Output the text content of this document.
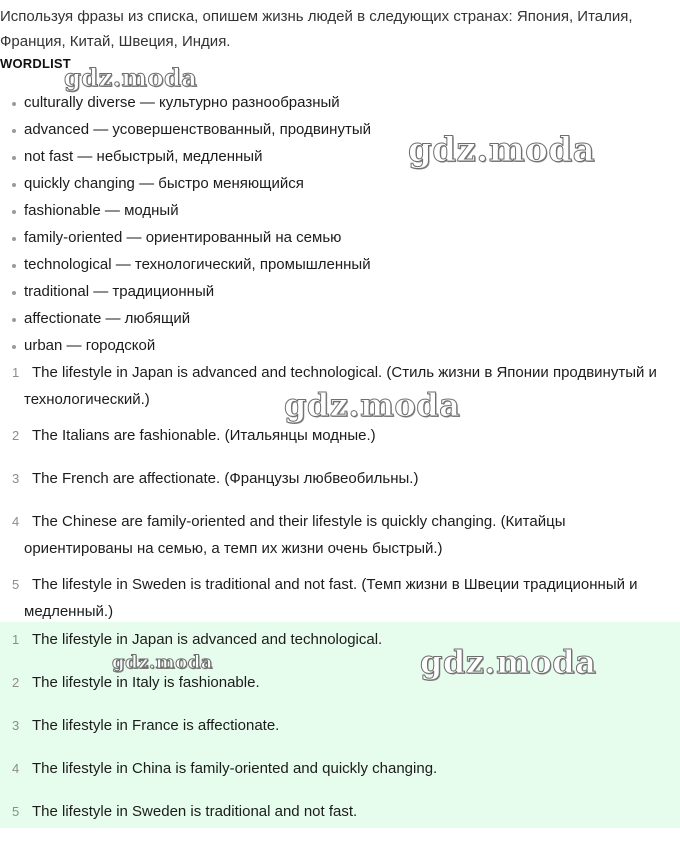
Используя фразы из списка, опишем жизнь людей в следующих странах: Япония, Италия, Франция, Китай, Швеция, Индия.
WORDLIST
culturally diverse — культурно разнообразный
advanced — усовершенствованный, продвинутый
not fast — небыстрый, медленный
quickly changing — быстро меняющийся
fashionable — модный
family-oriented — ориентированный на семью
technological — технологический, промышленный
traditional — традиционный
affectionate — любящий
urban — городской
1 The lifestyle in Japan is advanced and technological. (Стиль жизни в Японии продвинутый и технологический.)
2 The Italians are fashionable. (Итальянцы модные.)
3 The French are affectionate. (Французы любвеобильны.)
4 The Chinese are family-oriented and their lifestyle is quickly changing. (Китайцы ориентированы на семью, а темп их жизни очень быстрый.)
5 The lifestyle in Sweden is traditional and not fast. (Темп жизни в Швеции традиционный и медленный.)
1 The lifestyle in Japan is advanced and technological.
2 The lifestyle in Italy is fashionable.
3 The lifestyle in France is affectionate.
4 The lifestyle in China is family-oriented and quickly changing.
5 The lifestyle in Sweden is traditional and not fast.
gdz.moda
gdz.moda
gdz.moda
gdz.moda	gdz.moda
